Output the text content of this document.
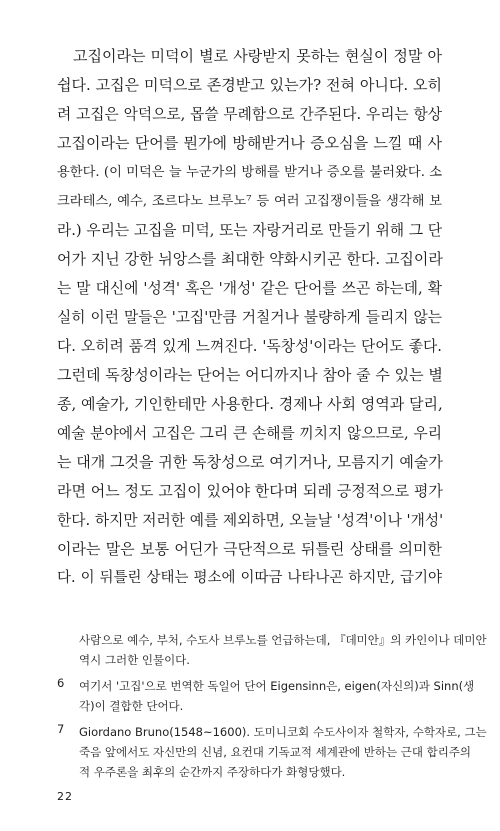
고집이라는 미덕이 별로 사랑받지 못하는 현실이 정말 아
쉽다. 고집은 미덕으로 존경받고 있는가? 전혀 아니다. 오히
려 고집은 악덕으로, 몹쓸 무례함으로 간주된다. 우리는 항상
고집이라는 단어를 뭔가에 방해받거나 증오심을 느낄 때 사
용한다. (이 미덕은 늘 누군가의 방해를 받거나 증오를 불러왔다. 소
크라테스, 예수, 조르다노 브루노⁷ 등 여러 고집쟁이들을 생각해 보
라.) 우리는 고집을 미덕, 또는 자랑거리로 만들기 위해 그 단
어가 지닌 강한 뉘앙스를 최대한 약화시키곤 한다. 고집이라
는 말 대신에 '성격' 혹은 '개성' 같은 단어를 쓰곤 하는데, 확
실히 이런 말들은 '고집'만큼 거칠거나 불량하게 들리지 않는
다. 오히려 품격 있게 느껴진다. '독창성'이라는 단어도 좋다.
그런데 독창성이라는 단어는 어디까지나 참아 줄 수 있는 별
종, 예술가, 기인한테만 사용한다. 경제나 사회 영역과 달리,
예술 분야에서 고집은 그리 큰 손해를 끼치지 않으므로, 우리
는 대개 그것을 귀한 독창성으로 여기거나, 모름지기 예술가
라면 어느 정도 고집이 있어야 한다며 되레 긍정적으로 평가
한다. 하지만 저러한 예를 제외하면, 오늘날 '성격'이나 '개성'
이라는 말은 보통 어딘가 극단적으로 뒤틀린 상태를 의미한
다. 이 뒤틀린 상태는 평소에 이따금 나타나곤 하지만, 급기야
사람으로 예수, 부처, 수도사 브루노를 언급하는데, 『데미안』의 카인이나 데미안
역시 그러한 인물이다.
6	여기서 '고집'으로 번역한 독일어 단어 Eigensinn은, eigen(자신의)과 Sinn(생
각)이 결합한 단어다.
7	Giordano Bruno(1548~1600). 도미니코회 수도사이자 철학자, 수학자로, 그는
죽음 앞에서도 자신만의 신념, 요컨대 기독교적 세계관에 반하는 근대 합리주의
적 우주론을 최후의 순간까지 주장하다가 화형당했다.
22
